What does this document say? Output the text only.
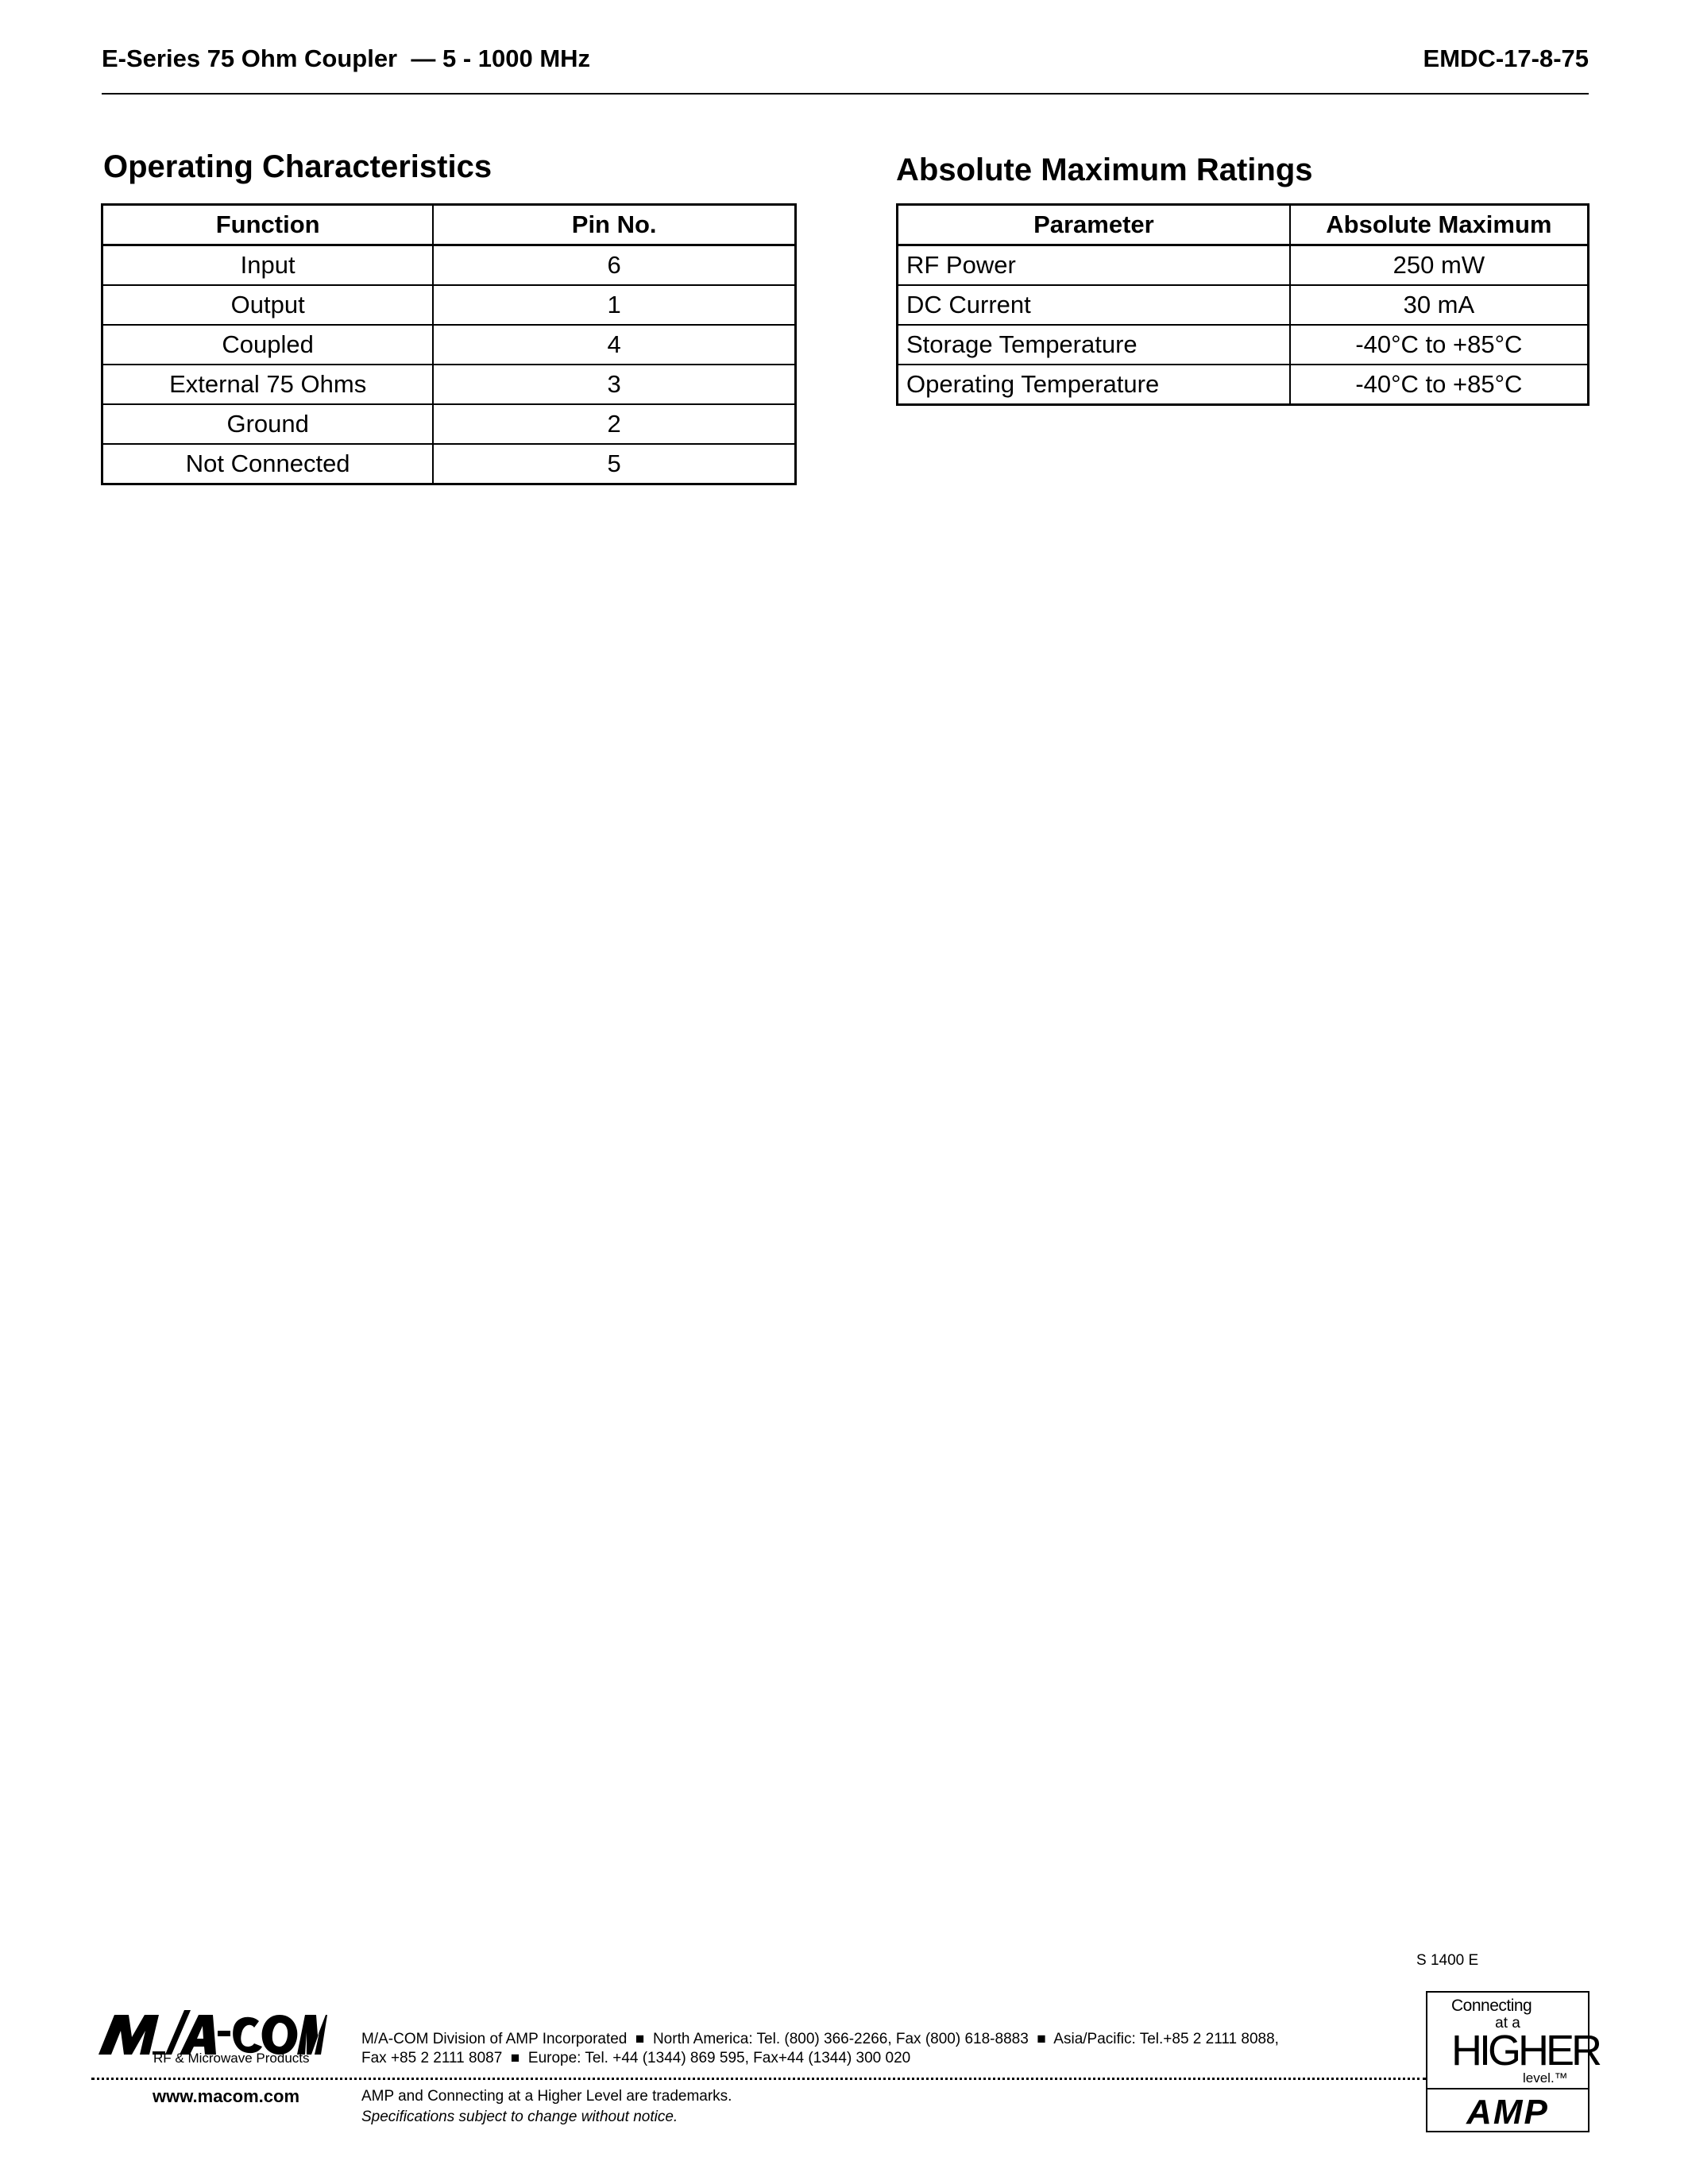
E-Series 75 Ohm Coupler  — 5 - 1000 MHz	EMDC-17-8-75
Operating Characteristics
Function	Pin No.
Input	6
Output	1
Coupled	4
External 75 Ohms	3
Ground	2
Not Connected	5
Absolute Maximum Ratings
Parameter	Absolute Maximum
RF Power	250 mW
DC Current	30 mA
Storage Temperature	-40°C to +85°C
Operating Temperature	-40°C to +85°C
S 1400 E
RF & Microwave Products
M/A-COM Division of AMP Incorporated  ■  North America: Tel. (800) 366-2266, Fax (800) 618-8883  ■  Asia/Pacific: Tel.+85 2 2111 8088,
Fax +85 2 2111 8087  ■  Europe: Tel. +44 (1344) 869 595, Fax+44 (1344) 300 020
www.macom.com	AMP and Connecting at a Higher Level are trademarks.
Specifications subject to change without notice.
Connecting
at a
HIGHER
level.™
AMP
